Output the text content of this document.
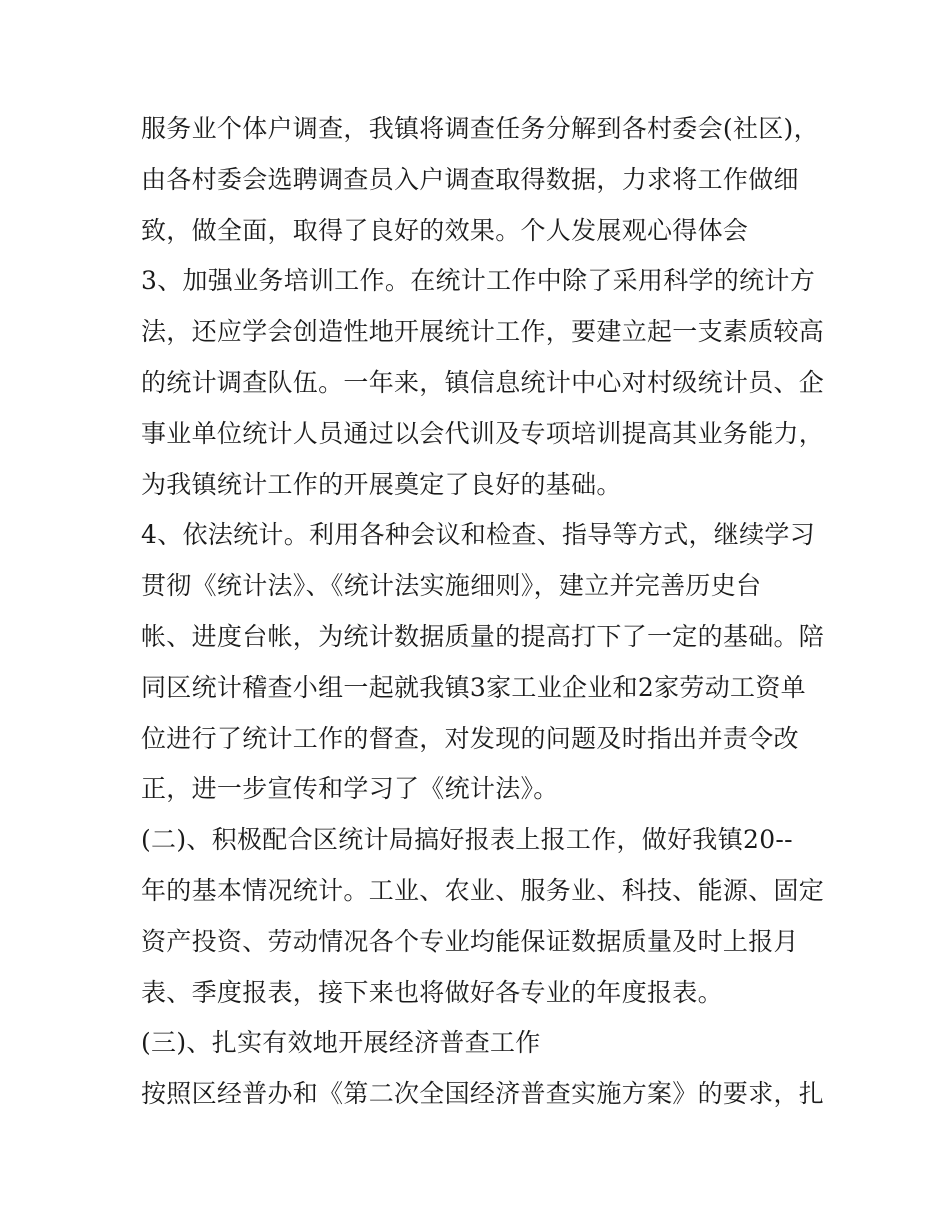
服务业个体户调查，我镇将调查任务分解到各村委会(社区)，
由各村委会选聘调查员入户调查取得数据，力求将工作做细
致，做全面，取得了良好的效果。个人发展观心得体会
3、加强业务培训工作。在统计工作中除了采用科学的统计方
法，还应学会创造性地开展统计工作，要建立起一支素质较高
的统计调查队伍。一年来，镇信息统计中心对村级统计员、企
事业单位统计人员通过以会代训及专项培训提高其业务能力，
为我镇统计工作的开展奠定了良好的基础。
4、依法统计。利用各种会议和检查、指导等方式，继续学习
贯彻《统计法》、《统计法实施细则》，建立并完善历史台
帐、进度台帐，为统计数据质量的提高打下了一定的基础。陪
同区统计稽查小组一起就我镇3家工业企业和2家劳动工资单
位进行了统计工作的督查，对发现的问题及时指出并责令改
正，进一步宣传和学习了《统计法》。
(二)、积极配合区统计局搞好报表上报工作，做好我镇20--
年的基本情况统计。工业、农业、服务业、科技、能源、固定
资产投资、劳动情况各个专业均能保证数据质量及时上报月
表、季度报表，接下来也将做好各专业的年度报表。
(三)、扎实有效地开展经济普查工作
按照区经普办和《第二次全国经济普查实施方案》的要求，扎
